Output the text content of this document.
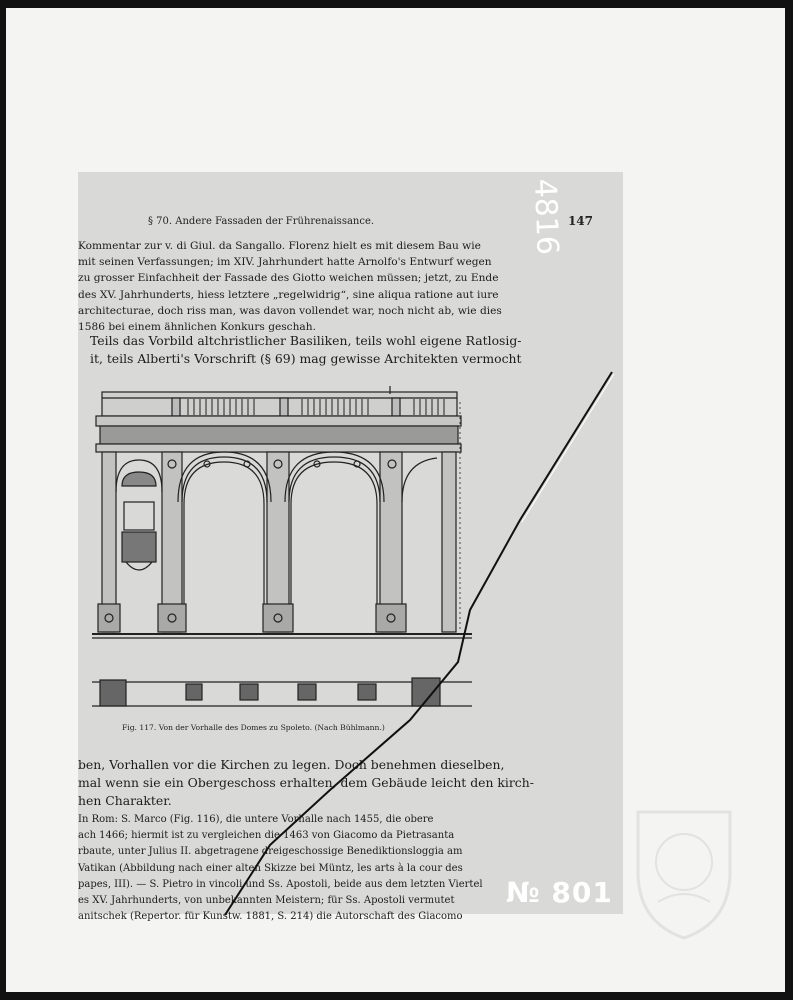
§ 70. Andere Fassaden der Frührenaissance.	147
Kommentar zur v. di Giul. da Sangallo. Florenz hielt es mit diesem Bau wie
mit seinen Verfassungen; im XIV. Jahrhundert hatte Arnolfo's Entwurf wegen
zu grosser Einfachheit der Fassade des Giotto weichen müssen; jetzt, zu Ende
des XV. Jahrhunderts, hiess letztere „regelwidrig“, sine aliqua ratione aut iure
architecturae, doch riss man, was davon vollendet war, noch nicht ab, wie dies
1586 bei einem ähnlichen Konkurs geschah.
Teils das Vorbild altchristlicher Basiliken, teils wohl eigene Ratlosig-
it, teils Alberti's Vorschrift (§ 69) mag gewisse Architekten vermocht
Fig. 117. Von der Vorhalle des Domes zu Spoleto. (Nach Bühlmann.)
ben, Vorhallen vor die Kirchen zu legen. Doch benehmen dieselben,
mal wenn sie ein Obergeschoss erhalten, dem Gebäude leicht den kirch-
hen Charakter.
In Rom: S. Marco (Fig. 116), die untere Vorhalle nach 1455, die obere
ach 1466; hiermit ist zu vergleichen die 1463 von Giacomo da Pietrasanta
rbaute, unter Julius II. abgetragene dreigeschossige Benediktionsloggia am
Vatikan (Abbildung nach einer alten Skizze bei Müntz, les arts à la cour des
papes, III). — S. Pietro in vincoli und Ss. Apostoli, beide aus dem letzten Viertel
es XV. Jahrhunderts, von unbekannten Meistern; für Ss. Apostoli vermutet
anitschek (Repertor. für Kunstw. 1881, S. 214) die Autorschaft des Giacomo
4816
№ 801
